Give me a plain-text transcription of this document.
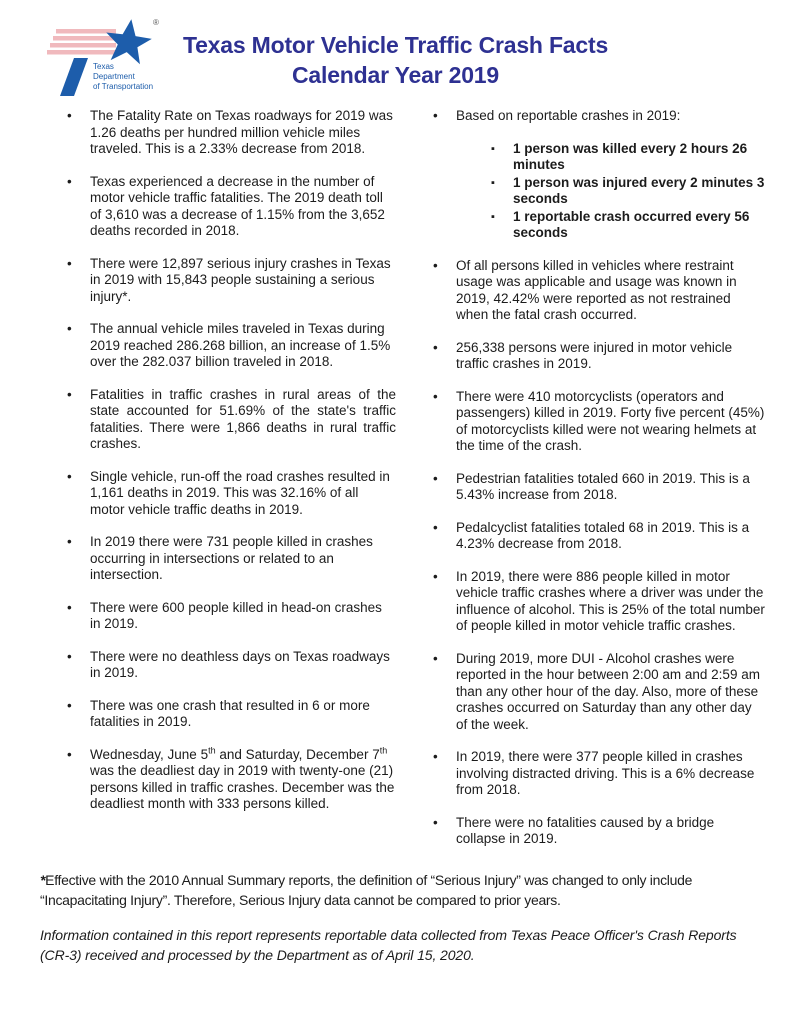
®
Texas
Department
of Transportation
Texas Motor Vehicle Traffic Crash Facts
Calendar Year 2019
• The Fatality Rate on Texas roadways for 2019 was 1.26 deaths per hundred million vehicle miles traveled. This is a 2.33% decrease from 2018.
• Texas experienced a decrease in the number of motor vehicle traffic fatalities. The 2019 death toll of 3,610 was a decrease of 1.15% from the 3,652 deaths recorded in 2018.
• There were 12,897 serious injury crashes in Texas in 2019 with 15,843 people sustaining a serious injury*.
• The annual vehicle miles traveled in Texas during 2019 reached 286.268 billion, an increase of 1.5% over the 282.037 billion traveled in 2018.
• Fatalities in traffic crashes in rural areas of the state accounted for 51.69% of the state's traffic fatalities. There were 1,866 deaths in rural traffic crashes.
• Single vehicle, run-off the road crashes resulted in 1,161 deaths in 2019. This was 32.16% of all motor vehicle traffic deaths in 2019.
• In 2019 there were 731 people killed in crashes occurring in intersections or related to an intersection.
• There were 600 people killed in head-on crashes in 2019.
• There were no deathless days on Texas roadways in 2019.
• There was one crash that resulted in 6 or more fatalities in 2019.
• Wednesday, June 5th and Saturday, December 7th was the deadliest day in 2019 with twenty-one (21) persons killed in traffic crashes. December was the deadliest month with 333 persons killed.
• Based on reportable crashes in 2019:
▪ 1 person was killed every 2 hours 26 minutes
▪ 1 person was injured every 2 minutes 3 seconds
▪ 1 reportable crash occurred every 56 seconds
• Of all persons killed in vehicles where restraint usage was applicable and usage was known in 2019, 42.42% were reported as not restrained when the fatal crash occurred.
• 256,338 persons were injured in motor vehicle traffic crashes in 2019.
• There were 410 motorcyclists (operators and passengers) killed in 2019. Forty five percent (45%) of motorcyclists killed were not wearing helmets at the time of the crash.
• Pedestrian fatalities totaled 660 in 2019. This is a 5.43% increase from 2018.
• Pedalcyclist fatalities totaled 68 in 2019. This is a 4.23% decrease from 2018.
• In 2019, there were 886 people killed in motor vehicle traffic crashes where a driver was under the influence of alcohol. This is 25% of the total number of people killed in motor vehicle traffic crashes.
• During 2019, more DUI - Alcohol crashes were reported in the hour between 2:00 am and 2:59 am than any other hour of the day. Also, more of these crashes occurred on Saturday than any other day of the week.
• In 2019, there were 377 people killed in crashes involving distracted driving. This is a 6% decrease from 2018.
• There were no fatalities caused by a bridge collapse in 2019.
*Effective with the 2010 Annual Summary reports, the definition of “Serious Injury” was changed to only include “Incapacitating Injury”. Therefore, Serious Injury data cannot be compared to prior years.
Information contained in this report represents reportable data collected from Texas Peace Officer's Crash Reports (CR-3) received and processed by the Department as of April 15, 2020.
